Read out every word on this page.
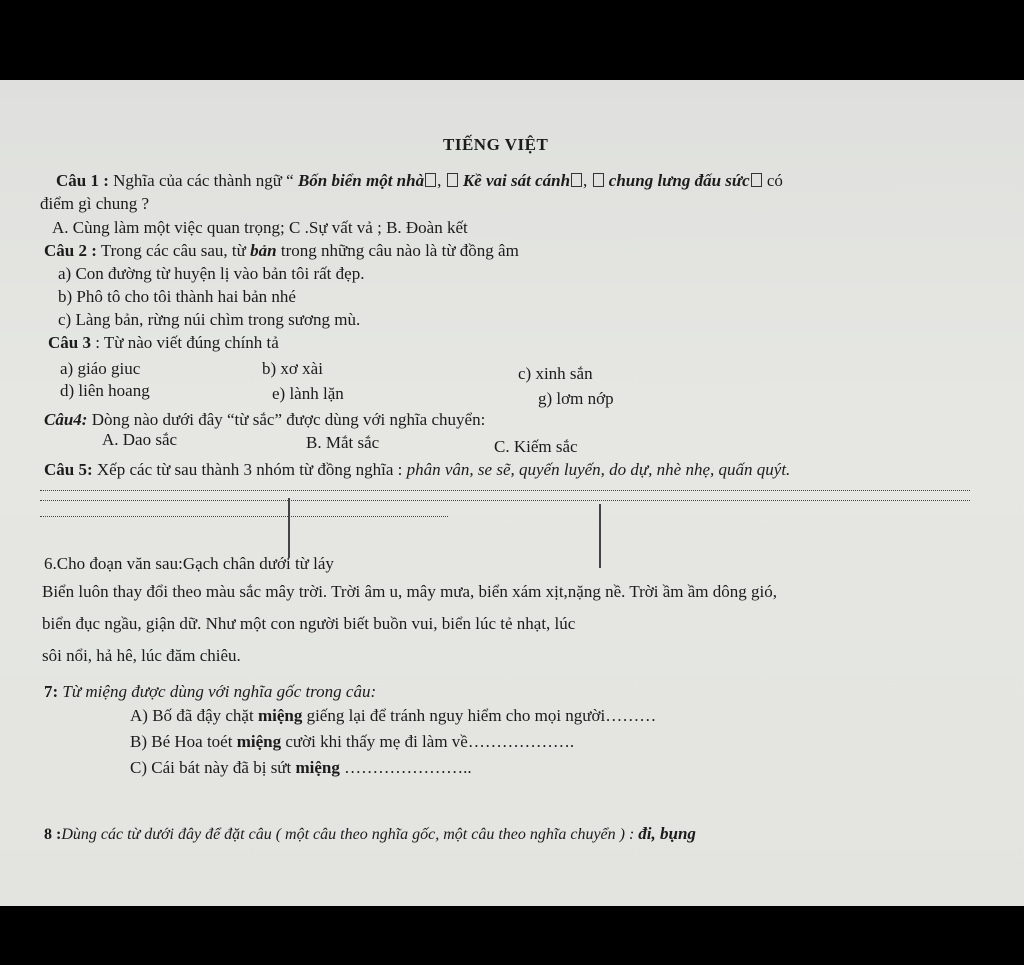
TIẾNG VIỆT
Câu 1 : Nghĩa của các thành ngữ “ Bốn biển một nhà ,  Kề vai sát cánh ,  chung lưng đấu sức có
điểm gì chung ?
A. Cùng làm một việc quan trọng; C .Sự vất vả ; B. Đoàn kết
Câu 2 : Trong các câu sau, từ bản trong những câu nào là từ đồng âm
a) Con đường từ huyện lị vào bản tôi rất đẹp.
b) Phô tô cho tôi thành hai bản nhé
c) Làng bản, rừng núi chìm trong sương mù.
Câu 3 : Từ nào viết đúng chính tả
a) giáo giuc	b) xơ xài	c) xinh sắn
d) liên hoang	e) lành lặn	g) lơm nớp
Câu4: Dòng nào dưới đây “từ sắc” được dùng với nghĩa chuyển:
A. Dao sắc	B. Mắt sắc	C. Kiếm sắc
Câu 5: Xếp các từ sau thành 3 nhóm từ đồng nghĩa : phân vân, se sẽ, quyến luyến, do dự, nhè nhẹ, quấn quýt.
6.Cho đoạn văn sau:Gạch chân dưới từ láy
Biển luôn thay đổi theo màu sắc mây trời. Trời âm u, mây mưa, biển xám xịt,nặng nề. Trời ầm ầm dông gió,
biển đục ngầu, giận dữ. Như một con người biết buồn vui, biển lúc tẻ nhạt, lúc
sôi nổi, hả hê, lúc đăm chiêu.
7: Từ miệng được dùng với nghĩa gốc trong câu:
A) Bố đã đậy chặt miệng giếng lại để tránh nguy hiểm cho mọi người………
B) Bé Hoa toét miệng cười khi thấy mẹ đi làm về……………….
C) Cái bát này đã bị sứt miệng …………………..
8 :Dùng các từ dưới đây để đặt câu ( một câu theo nghĩa gốc, một câu theo nghĩa chuyển ) : đi, bụng
